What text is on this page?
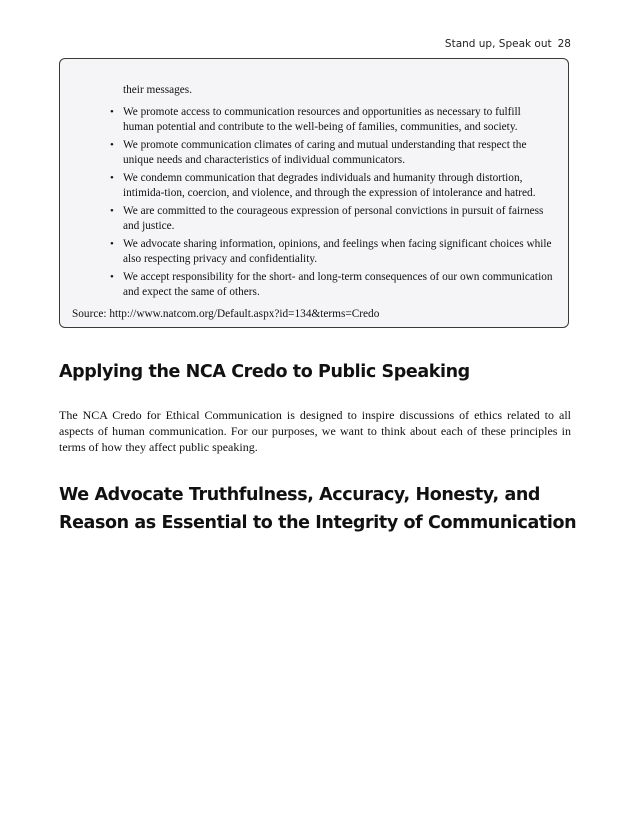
Stand up, Speak out 28
their messages.
• We promote access to communication resources and opportunities as necessary to fulfill human potential and contribute to the well-being of families, communities, and society.
• We promote communication climates of caring and mutual understanding that respect the unique needs and characteristics of individual communicators.
• We condemn communication that degrades individuals and humanity through distortion, intimida-tion, coercion, and violence, and through the expression of intolerance and hatred.
• We are committed to the courageous expression of personal convictions in pursuit of fairness and justice.
• We advocate sharing information, opinions, and feelings when facing significant choices while also respecting privacy and confidentiality.
• We accept responsibility for the short- and long-term consequences of our own communication and expect the same of others.

Source: http://www.natcom.org/Default.aspx?id=134&terms=Credo

Applying the NCA Credo to Public Speaking

The NCA Credo for Ethical Communication is designed to inspire discussions of ethics related to all aspects of human communication. For our purposes, we want to think about each of these principles in terms of how they affect public speaking.

We Advocate Truthfulness, Accuracy, Honesty, and Reason as Essential to the Integrity of Communication
